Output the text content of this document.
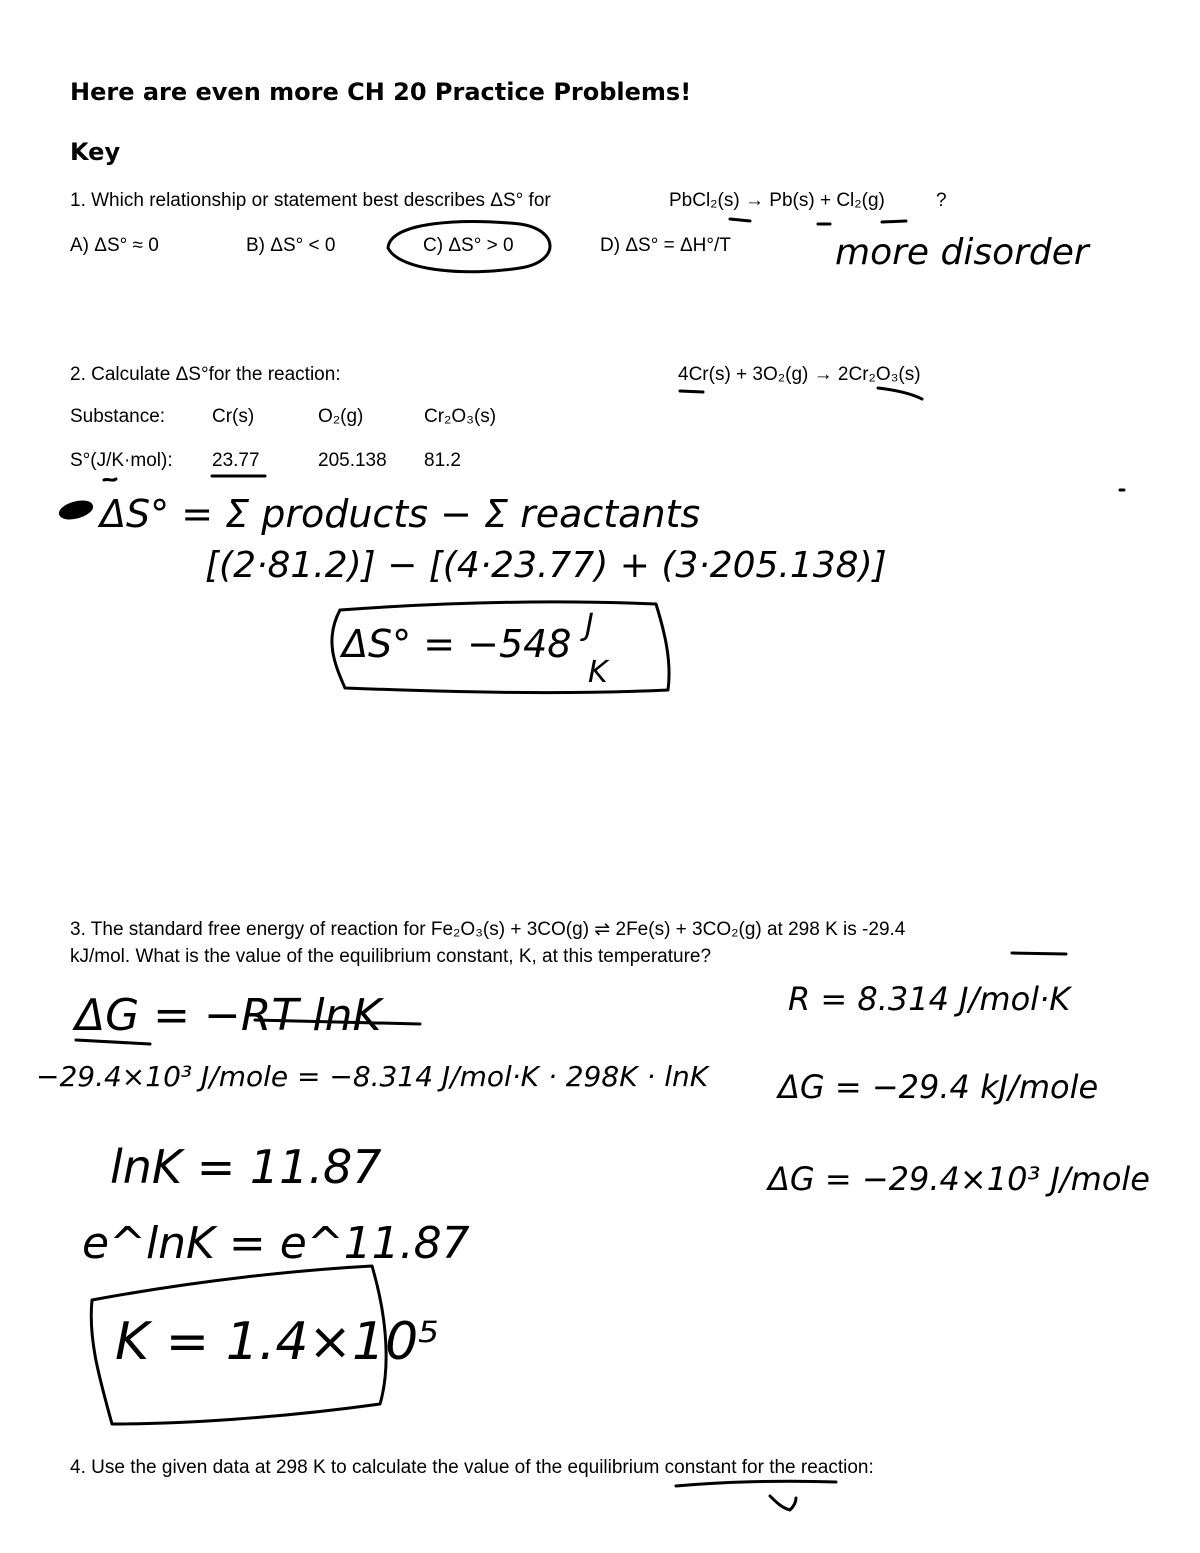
Here are even more CH 20 Practice Problems!
Key
1. Which relationship or statement best describes ΔS° for	PbCl₂(s) → Pb(s) + Cl₂(g)	?
A) ΔS° ≈ 0	B) ΔS° < 0	C) ΔS° > 0	D) ΔS° = ΔH°/T	more disorder
2. Calculate ΔS°for the reaction:	4Cr(s) + 3O₂(g) → 2Cr₂O₃(s)
Substance: Cr(s)	O₂(g)	Cr₂O₃(s)
S°(J/K·mol): 23.77	205.138 81.2
ΔS° = Σ products − Σ reactants
[(2·81.2)] − [(4·23.77) + (3·205.138)]
ΔS° = −548 J
K
3. The standard free energy of reaction for Fe₂O₃(s) + 3CO(g) ⇌ 2Fe(s) + 3CO₂(g) at 298 K is -29.4
kJ/mol. What is the value of the equilibrium constant, K, at this temperature?
ΔG = −RT lnK
−29.4×10³ J/mole = −8.314 J/mol·K · 298K · lnK
lnK = 11.87
e^lnK = e^11.87
K = 1.4×10⁵
R = 8.314 J/mol·K
ΔG = −29.4 kJ/mole
ΔG = −29.4×10³ J/mole
4. Use the given data at 298 K to calculate the value of the equilibrium constant for the reaction:
